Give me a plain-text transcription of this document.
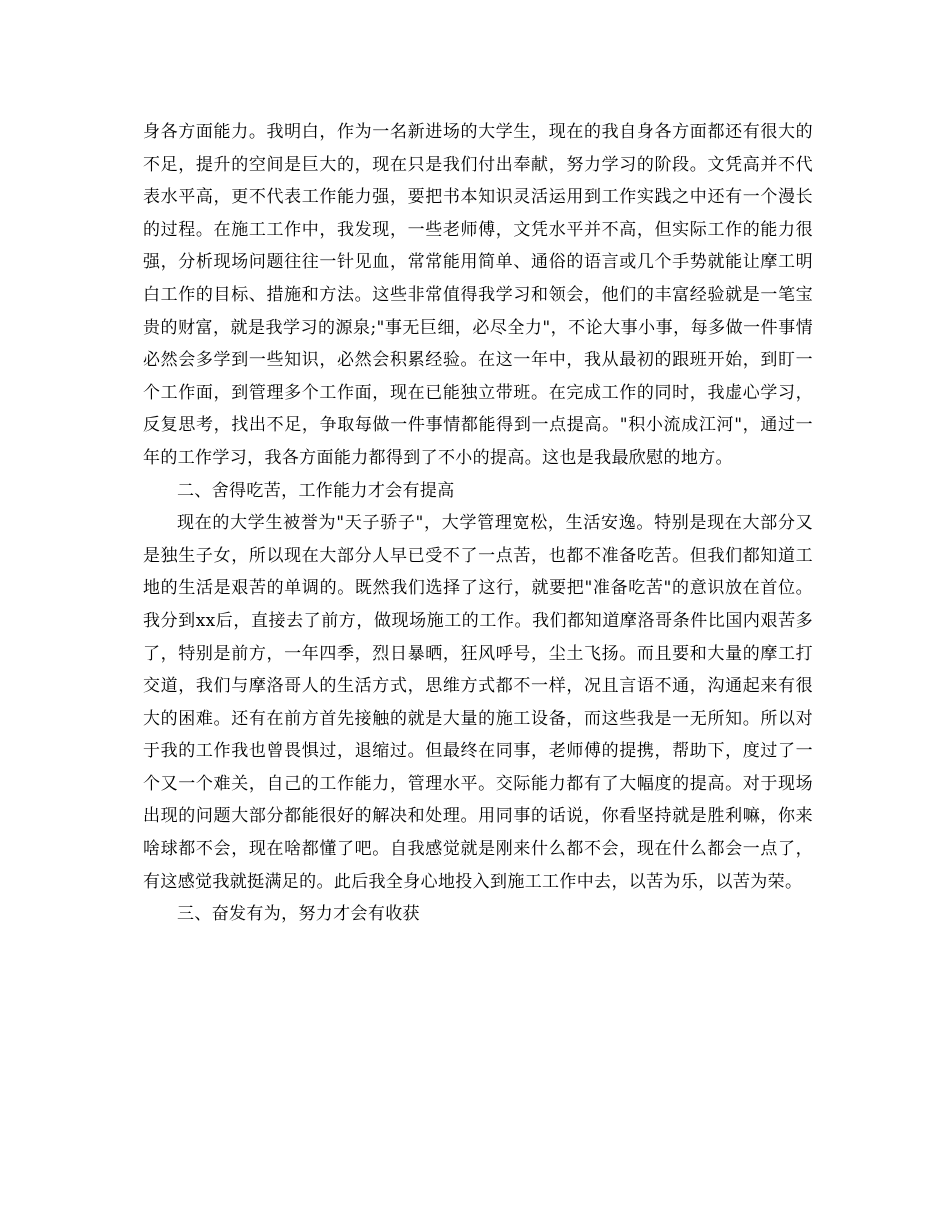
身各方面能力。我明白，作为一名新进场的大学生，现在的我自身各方面都还有很大的不足，提升的空间是巨大的，现在只是我们付出奉献，努力学习的阶段。文凭高并不代表水平高，更不代表工作能力强，要把书本知识灵活运用到工作实践之中还有一个漫长的过程。在施工工作中，我发现，一些老师傅，文凭水平并不高，但实际工作的能力很强，分析现场问题往往一针见血，常常能用简单、通俗的语言或几个手势就能让摩工明白工作的目标、措施和方法。这些非常值得我学习和领会，他们的丰富经验就是一笔宝贵的财富，就是我学习的源泉;"事无巨细，必尽全力"，不论大事小事，每多做一件事情必然会多学到一些知识，必然会积累经验。在这一年中，我从最初的跟班开始，到盯一个工作面，到管理多个工作面，现在已能独立带班。在完成工作的同时，我虚心学习，反复思考，找出不足，争取每做一件事情都能得到一点提高。"积小流成江河"，通过一年的工作学习，我各方面能力都得到了不小的提高。这也是我最欣慰的地方。

二、舍得吃苦，工作能力才会有提高

现在的大学生被誉为"天子骄子"，大学管理宽松，生活安逸。特别是现在大部分又是独生子女，所以现在大部分人早已受不了一点苦，也都不准备吃苦。但我们都知道工地的生活是艰苦的单调的。既然我们选择了这行，就要把"准备吃苦"的意识放在首位。我分到xx后，直接去了前方，做现场施工的工作。我们都知道摩洛哥条件比国内艰苦多了，特别是前方，一年四季，烈日暴晒，狂风呼号，尘土飞扬。而且要和大量的摩工打交道，我们与摩洛哥人的生活方式，思维方式都不一样，况且言语不通，沟通起来有很大的困难。还有在前方首先接触的就是大量的施工设备，而这些我是一无所知。所以对于我的工作我也曾畏惧过，退缩过。但最终在同事，老师傅的提携，帮助下，度过了一个又一个难关，自己的工作能力，管理水平。交际能力都有了大幅度的提高。对于现场出现的问题大部分都能很好的解决和处理。用同事的话说，你看坚持就是胜利嘛，你来啥球都不会，现在啥都懂了吧。自我感觉就是刚来什么都不会，现在什么都会一点了，有这感觉我就挺满足的。此后我全身心地投入到施工工作中去，以苦为乐，以苦为荣。

三、奋发有为，努力才会有收获
